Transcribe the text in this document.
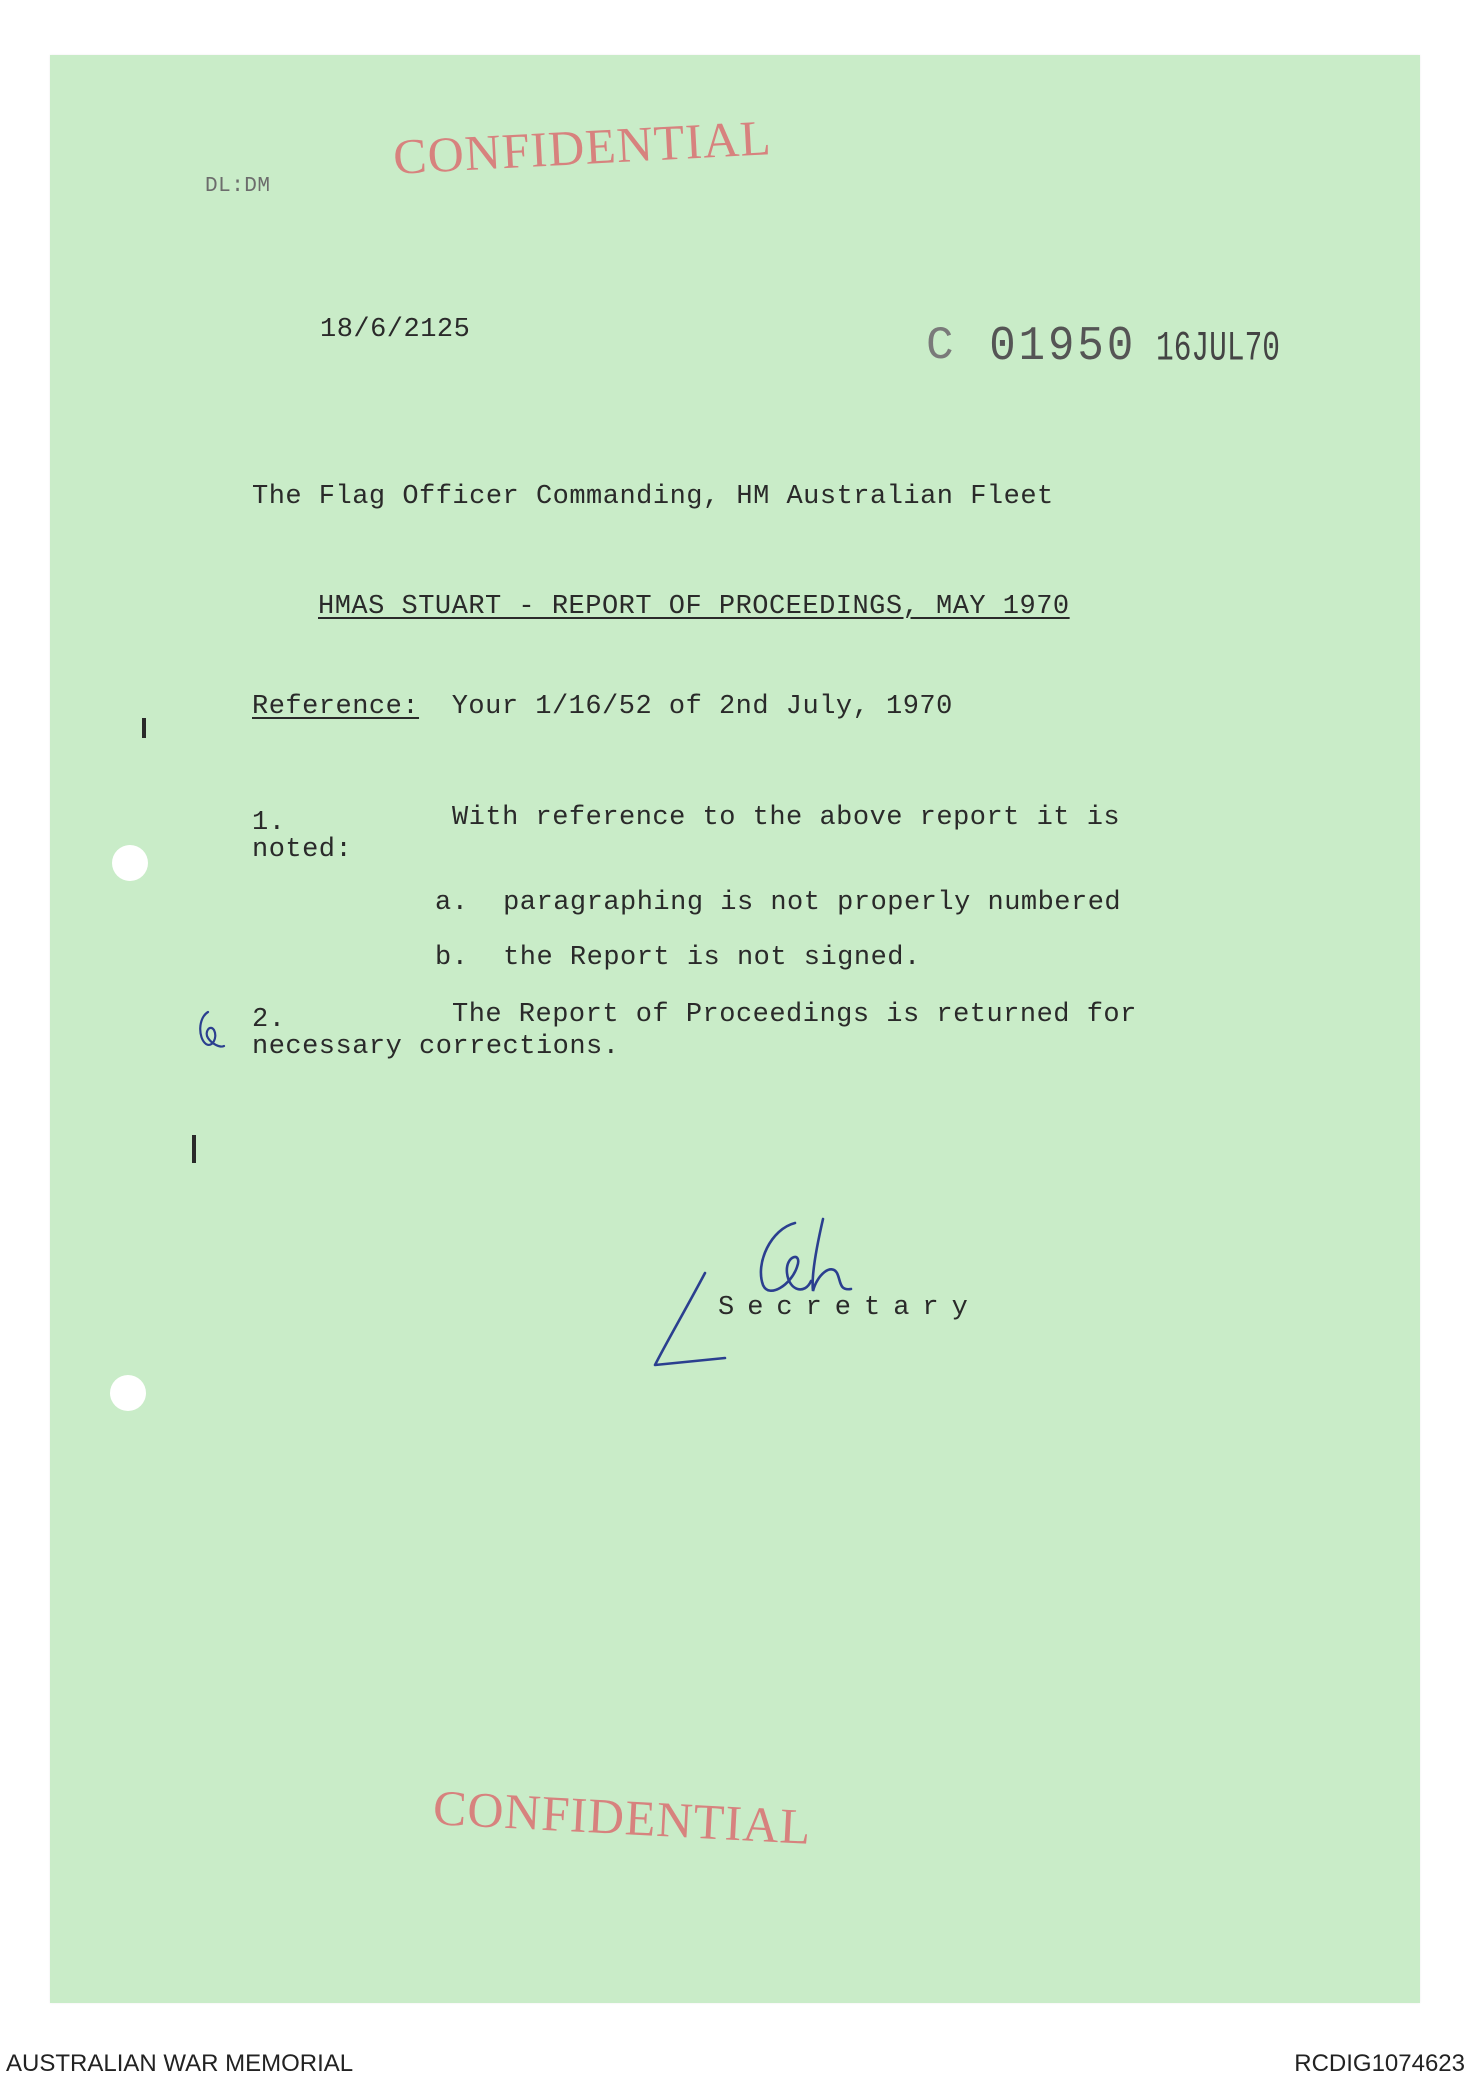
CONFIDENTIAL
DL:DM
18/6/2125	C 01950 16JUL70
The Flag Officer Commanding, HM Australian Fleet
HMAS STUART - REPORT OF PROCEEDINGS, MAY 1970
Reference: Your 1/16/52 of 2nd July, 1970
1.	With reference to the above report it is
noted:
a. paragraphing is not properly numbered
b. the Report is not signed.
2.	The Report of Proceedings is returned for
necessary corrections.
Secretary
CONFIDENTIAL
AUSTRALIAN WAR MEMORIAL	RCDIG1074623
